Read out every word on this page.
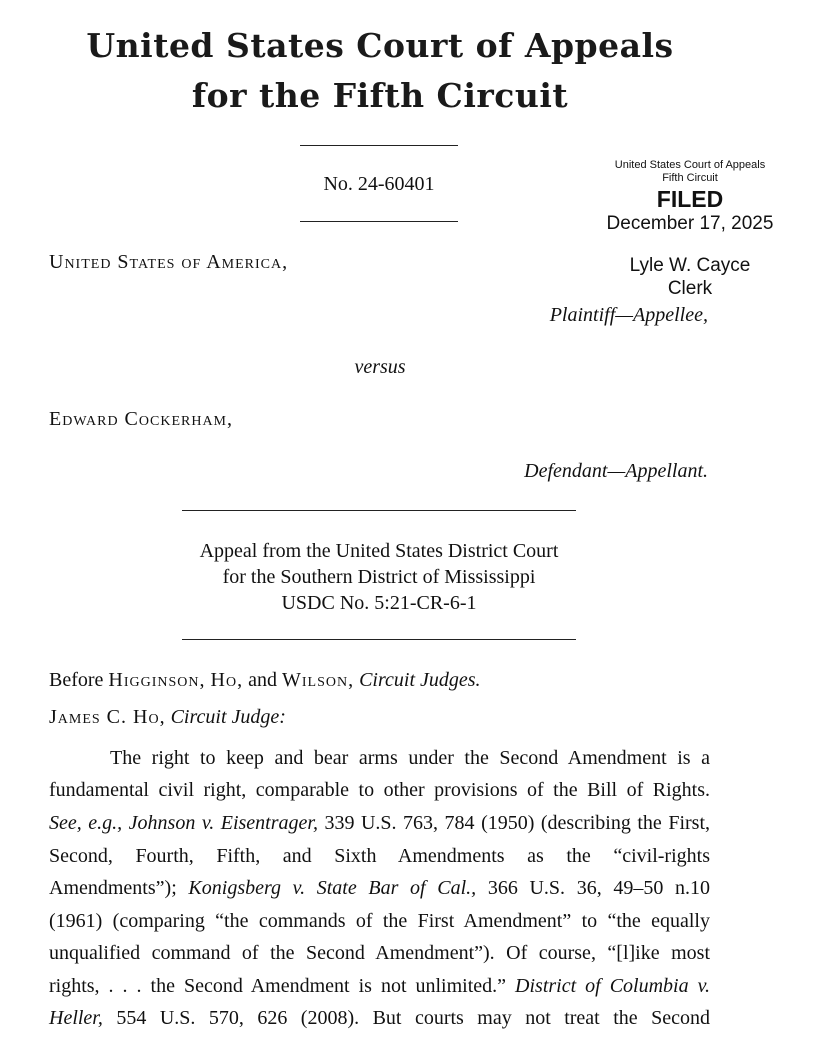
United States Court of Appeals
for the Fifth Circuit
No. 24-60401
United States Court of Appeals
Fifth Circuit
FILED
December 17, 2025
Lyle W. Cayce
Clerk
United States of America,
Plaintiff—Appellee,
versus
Edward Cockerham,
Defendant—Appellant.
Appeal from the United States District Court
for the Southern District of Mississippi
USDC No. 5:21-CR-6-1
Before Higginson, Ho, and Wilson, Circuit Judges.
James C. Ho, Circuit Judge:
The right to keep and bear arms under the Second Amendment is a
fundamental civil right, comparable to other provisions of the Bill of Rights.
See, e.g., Johnson v. Eisentrager, 339 U.S. 763, 784 (1950) (describing the First,
Second, Fourth, Fifth, and Sixth Amendments as the “civil-rights
Amendments”); Konigsberg v. State Bar of Cal., 366 U.S. 36, 49–50 n.10
(1961) (comparing “the commands of the First Amendment” to “the equally
unqualified command of the Second Amendment”). Of course, “[l]ike most
rights, . . . the Second Amendment is not unlimited.” District of Columbia v.
Heller, 554 U.S. 570, 626 (2008). But courts may not treat the Second
